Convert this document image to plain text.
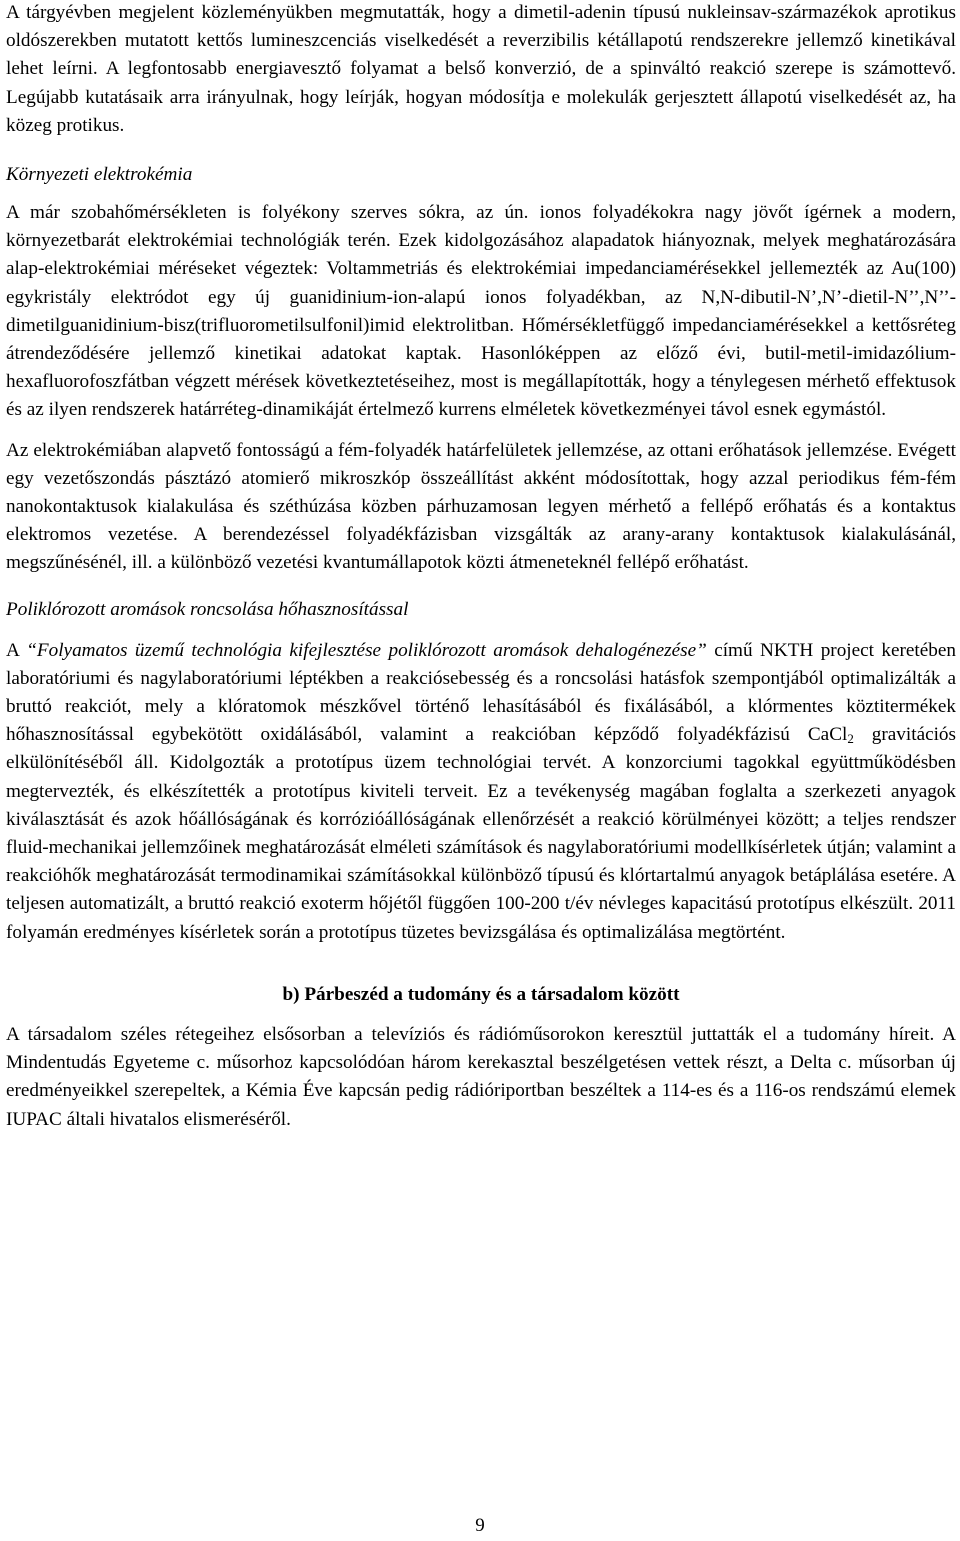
A tárgyévben megjelent közleményükben megmutatták, hogy a dimetil-adenin típusú nukleinsav-származékok aprotikus oldószerekben mutatott kettős lumineszcenciás viselkedését a reverzibilis kétállapotú rendszerekre jellemző kinetikával lehet leírni. A legfontosabb energiavesztő folyamat a belső konverzió, de a spinváltó reakció szerepe is számottevő. Legújabb kutatásaik arra irányulnak, hogy leírják, hogyan módosítja e molekulák gerjesztett állapotú viselkedését az, ha közeg protikus.

Környezeti elektrokémia

A már szobahőmérsékleten is folyékony szerves sókra, az ún. ionos folyadékokra nagy jövőt ígérnek a modern, környezetbarát elektrokémiai technológiák terén. Ezek kidolgozásához alapadatok hiányoznak, melyek meghatározására alap-elektrokémiai méréseket végeztek: Voltammetriás és elektrokémiai impedanciamérésekkel jellemezték az Au(100) egykristály elektródot egy új guanidinium-ion-alapú ionos folyadékban, az N,N-dibutil-N’,N’-dietil-N’’,N’’-dimetilguanidinium-bisz(trifluorometilsulfonil)imid elektrolitban. Hőmérsékletfüggő impedanciamérésekkel a kettősréteg átrendeződésére jellemző kinetikai adatokat kaptak. Hasonlóképpen az előző évi, butil-metil-imidazólium-hexafluorofoszfátban végzett mérések következtetéseihez, most is megállapították, hogy a ténylegesen mérhető effektusok és az ilyen rendszerek határréteg-dinamikáját értelmező kurrens elméletek következményei távol esnek egymástól.

Az elektrokémiában alapvető fontosságú a fém-folyadék határfelületek jellemzése, az ottani erőhatások jellemzése. Evégett egy vezetőszondás pásztázó atomierő mikroszkóp összeállítást akként módosítottak, hogy azzal periodikus fém-fém nanokontaktusok kialakulása és széthúzása közben párhuzamosan legyen mérhető a fellépő erőhatás és a kontaktus elektromos vezetése. A berendezéssel folyadékfázisban vizsgálták az arany-arany kontaktusok kialakulásánál, megszűnésénél, ill. a különböző vezetési kvantumállapotok közti átmeneteknél fellépő erőhatást.

Poliklórozott aromások roncsolása hőhasznosítással

A “Folyamatos üzemű technológia kifejlesztése poliklórozott aromások dehalogénezése” című NKTH project keretében laboratóriumi és nagylaboratóriumi léptékben a reakciósebesség és a roncsolási hatásfok szempontjából optimalizálták a bruttó reakciót, mely a klóratomok mészkővel történő lehasításából és fixálásából, a klórmentes köztitermékek hőhasznosítással egybekötött oxidálásából, valamint a reakcióban képződő folyadékfázisú CaCl$_2$ gravitációs elkülönítéséből áll. Kidolgozták a prototípus üzem technológiai tervét. A konzorciumi tagokkal együttműködésben megtervezték, és elkészítették a prototípus kiviteli terveit. Ez a tevékenység magában foglalta a szerkezeti anyagok kiválasztását és azok hőállóságának és korrózióállóságának ellenőrzését a reakció körülményei között; a teljes rendszer fluid-mechanikai jellemzőinek meghatározását elméleti számítások és nagylaboratóriumi modellkísérletek útján; valamint a reakcióhők meghatározását termodinamikai számításokkal különböző típusú és klórtartalmú anyagok betáplálása esetére. A teljesen automatizált, a bruttó reakció exoterm hőjétől függően 100-200 t/év névleges kapacitású prototípus elkészült. 2011 folyamán eredményes kísérletek során a prototípus tüzetes bevizsgálása és optimalizálása megtörtént.

b) Párbeszéd a tudomány és a társadalom között

A társadalom széles rétegeihez elsősorban a televíziós és rádióműsorokon keresztül juttatták el a tudomány híreit. A Mindentudás Egyeteme c. műsorhoz kapcsolódóan három kerekasztal beszélgetésen vettek részt, a Delta c. műsorban új eredményeikkel szerepeltek, a Kémia Éve kapcsán pedig rádióriportban beszéltek a 114-es és a 116-os rendszámú elemek IUPAC általi hivatalos elismeréséről.

9
